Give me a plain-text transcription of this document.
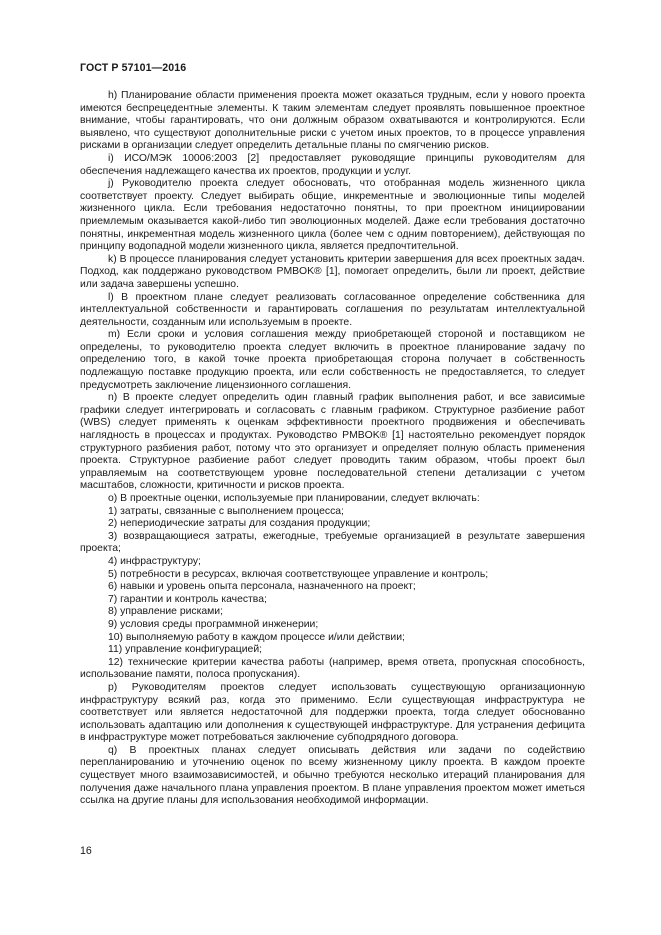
ГОСТ Р 57101—2016

h) Планирование области применения проекта может оказаться трудным, если у нового проекта имеются беспрецедентные элементы. К таким элементам следует проявлять повышенное проектное внимание, чтобы гарантировать, что они должным образом охватываются и контролируются. Если выявлено, что существуют дополнительные риски с учетом иных проектов, то в процессе управления рисками в организации следует определить детальные планы по смягчению рисков.

i) ИСО/МЭК 10006:2003 [2] предоставляет руководящие принципы руководителям для обеспечения надлежащего качества их проектов, продукции и услуг.

j) Руководителю проекта следует обосновать, что отобранная модель жизненного цикла соответствует проекту. Следует выбирать общие, инкрементные и эволюционные типы моделей жизненного цикла. Если требования недостаточно понятны, то при проектном инициировании приемлемым оказывается какой-либо тип эволюционных моделей. Даже если требования достаточно понятны, инкрементная модель жизненного цикла (более чем с одним повторением), действующая по принципу водопадной модели жизненного цикла, является предпочтительной.

k) В процессе планирования следует установить критерии завершения для всех проектных задач. Подход, как поддержано руководством PMBOK® [1], помогает определить, были ли проект, действие или задача завершены успешно.

l) В проектном плане следует реализовать согласованное определение собственника для интеллектуальной собственности и гарантировать соглашения по результатам интеллектуальной деятельности, созданным или используемым в проекте.

m) Если сроки и условия соглашения между приобретающей стороной и поставщиком не определены, то руководителю проекта следует включить в проектное планирование задачу по определению того, в какой точке проекта приобретающая сторона получает в собственность подлежащую поставке продукцию проекта, или если собственность не предоставляется, то следует предусмотреть заключение лицензионного соглашения.

n) В проекте следует определить один главный график выполнения работ, и все зависимые графики следует интегрировать и согласовать с главным графиком. Структурное разбиение работ (WBS) следует применять к оценкам эффективности проектного продвижения и обеспечивать наглядность в процессах и продуктах. Руководство PMBOK® [1] настоятельно рекомендует порядок структурного разбиения работ, потому что это организует и определяет полную область применения проекта. Структурное разбиение работ следует проводить таким образом, чтобы проект был управляемым на соответствующем уровне последовательной степени детализации с учетом масштабов, сложности, критичности и рисков проекта.

о) В проектные оценки, используемые при планировании, следует включать:

1) затраты, связанные с выполнением процесса;

2) непериодические затраты для создания продукции;

3) возвращающиеся затраты, ежегодные, требуемые организацией в результате завершения проекта;

4) инфраструктуру;

5) потребности в ресурсах, включая соответствующее управление и контроль;

6) навыки и уровень опыта персонала, назначенного на проект;

7) гарантии и контроль качества;

8) управление рисками;

9) условия среды программной инженерии;

10) выполняемую работу в каждом процессе и/или действии;

11) управление конфигурацией;

12) технические критерии качества работы (например, время ответа, пропускная способность, использование памяти, полоса пропускания).

р) Руководителям проектов следует использовать существующую организационную инфраструктуру всякий раз, когда это применимо. Если существующая инфраструктура не соответствует или является недостаточной для поддержки проекта, тогда следует обоснованно использовать адаптацию или дополнения к существующей инфраструктуре. Для устранения дефицита в инфраструктуре может потребоваться заключение субподрядного договора.

q) В проектных планах следует описывать действия или задачи по содействию перепланированию и уточнению оценок по всему жизненному циклу проекта. В каждом проекте существует много взаимозависимостей, и обычно требуются несколько итераций планирования для получения даже начального плана управления проектом. В плане управления проектом может иметься ссылка на другие планы для использования необходимой информации.

16
